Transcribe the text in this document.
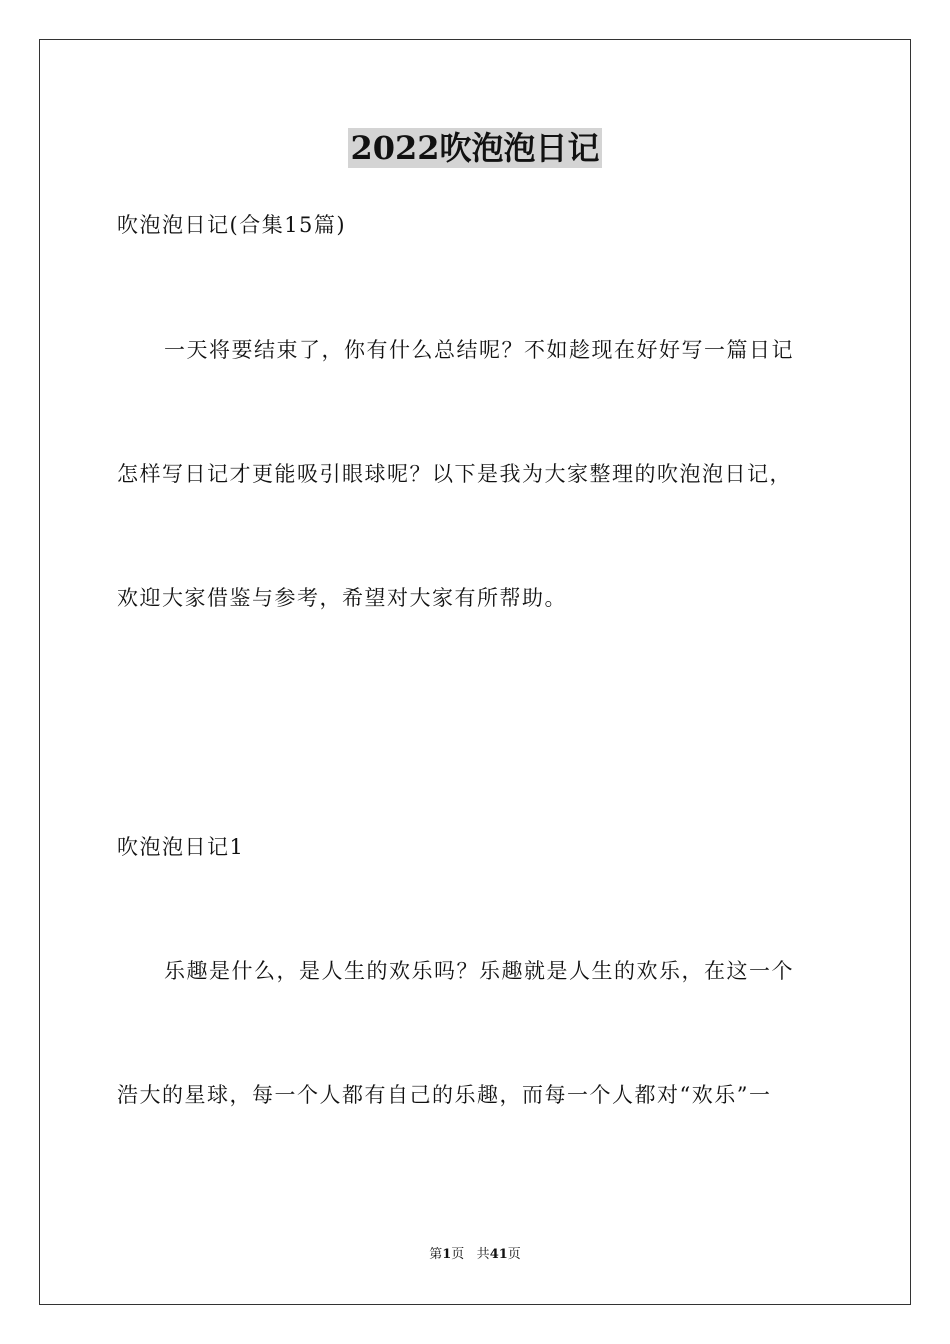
2022吹泡泡日记
吹泡泡日记(合集15篇)
一天将要结束了，你有什么总结呢？不如趁现在好好写一篇日记
怎样写日记才更能吸引眼球呢？以下是我为大家整理的吹泡泡日记，
欢迎大家借鉴与参考，希望对大家有所帮助。
吹泡泡日记1
乐趣是什么，是人生的欢乐吗？乐趣就是人生的欢乐，在这一个
浩大的星球，每一个人都有自己的乐趣，而每一个人都对“欢乐”一
第1页 共41页
